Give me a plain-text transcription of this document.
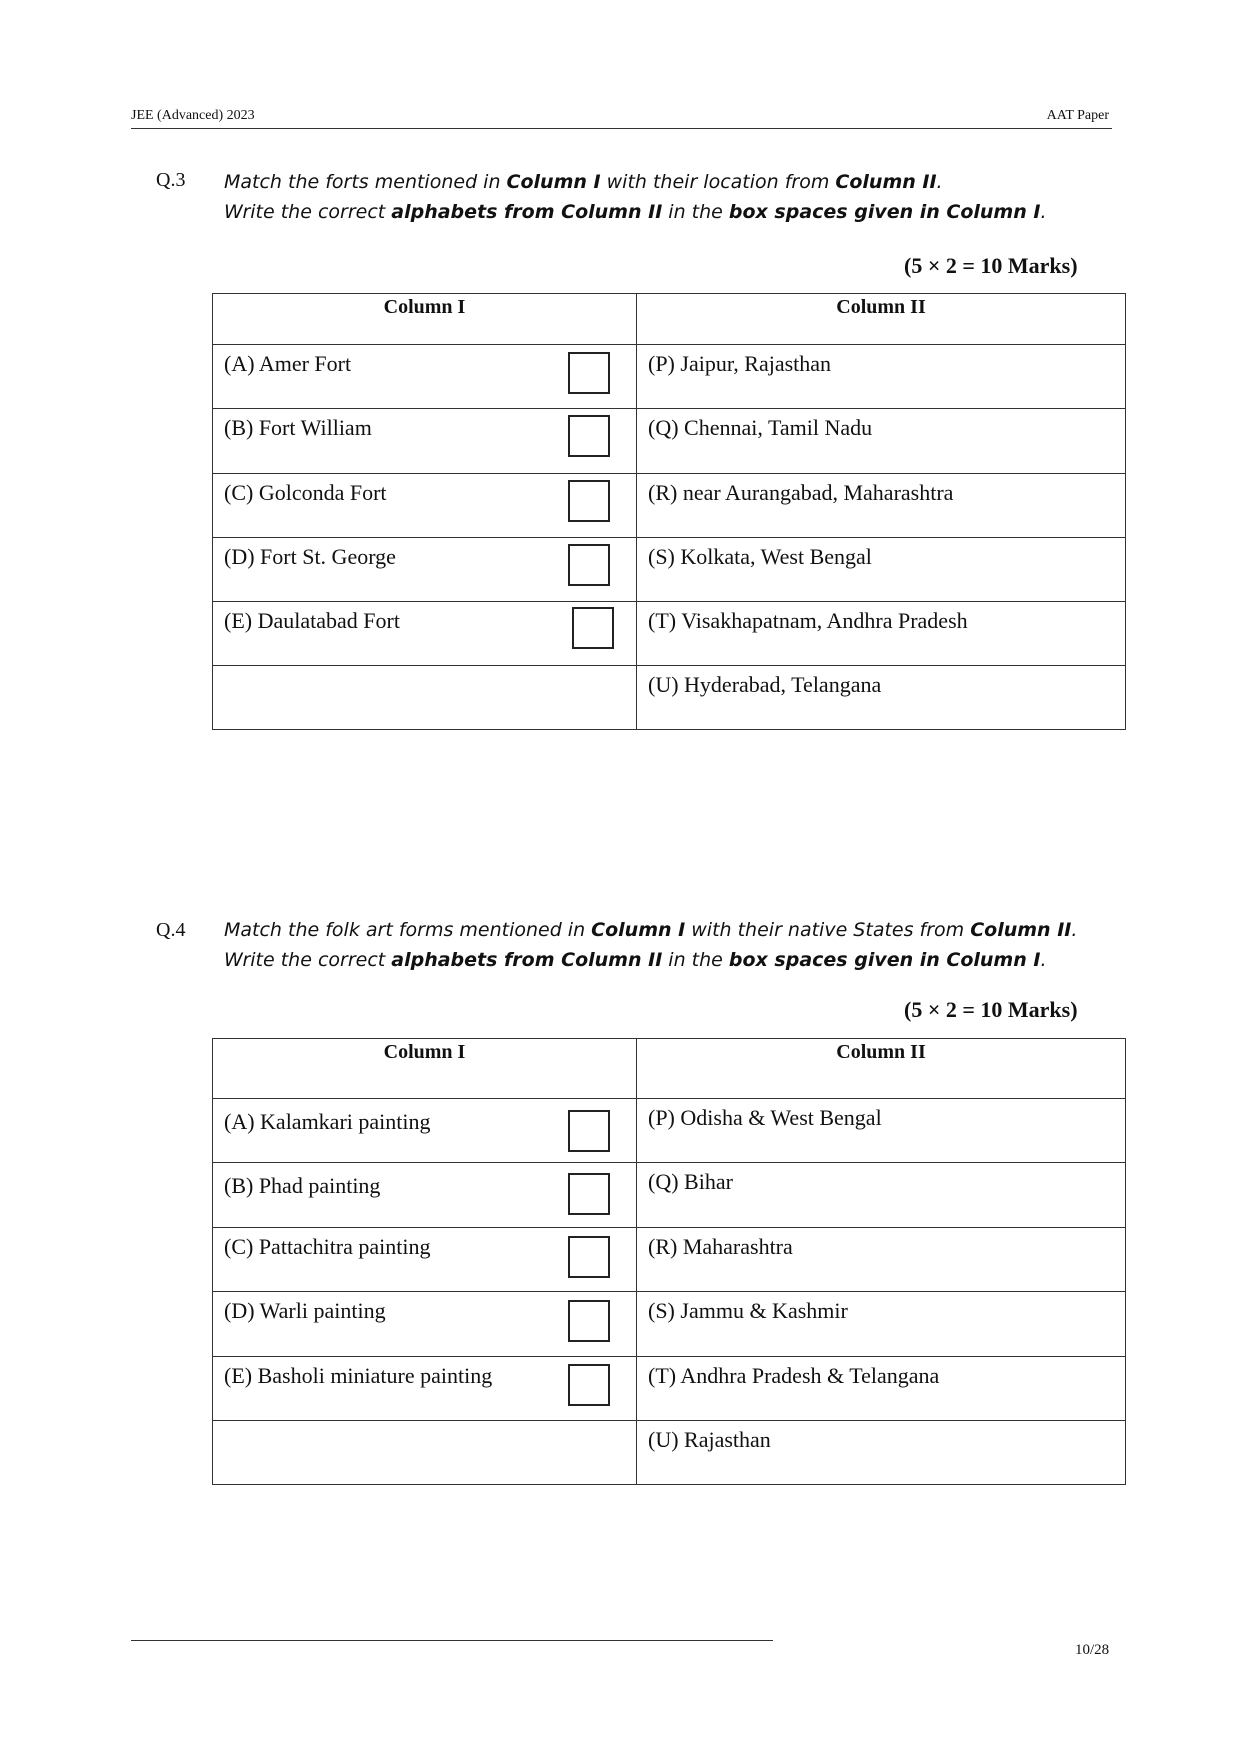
JEE (Advanced) 2023	AAT Paper
Q.3 Match the forts mentioned in Column I with their location from Column II.
Write the correct alphabets from Column II in the box spaces given in Column I.
(5 × 2 = 10 Marks)
Column I	Column II

(A) Amer Fort	(P) Jaipur, Rajasthan

(B) Fort William	(Q) Chennai, Tamil Nadu

(C) Golconda Fort	(R) near Aurangabad, Maharashtra

(D) Fort St. George	(S) Kolkata, West Bengal

(E) Daulatabad Fort	(T) Visakhapatnam, Andhra Pradesh

	(U) Hyderabad, Telangana
Q.4 Match the folk art forms mentioned in Column I with their native States from Column II.
Write the correct alphabets from Column II in the box spaces given in Column I.
(5 × 2 = 10 Marks)
Column I	Column II

(A) Kalamkari painting	(P) Odisha & West Bengal

(B) Phad painting	(Q) Bihar

(C) Pattachitra painting	(R) Maharashtra

(D) Warli painting	(S) Jammu & Kashmir

(E) Basholi miniature painting	(T) Andhra Pradesh & Telangana

	(U) Rajasthan
10/28
